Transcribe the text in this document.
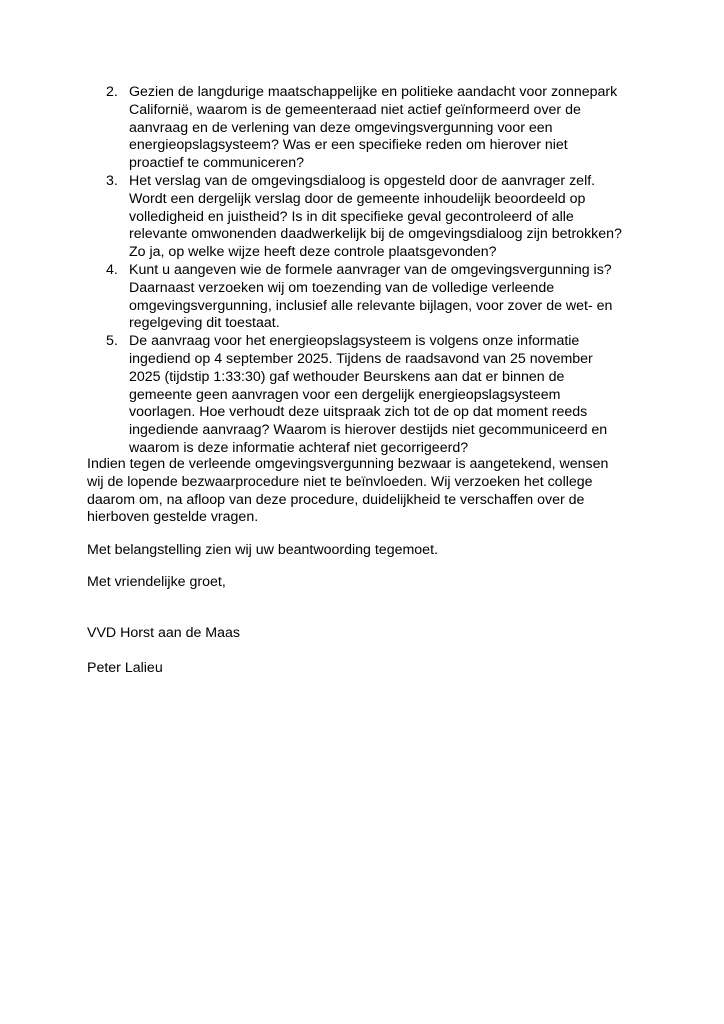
2. Gezien de langdurige maatschappelijke en politieke aandacht voor zonnepark
Californië, waarom is de gemeenteraad niet actief geïnformeerd over de
aanvraag en de verlening van deze omgevingsvergunning voor een
energieopslagsysteem? Was er een specifieke reden om hierover niet
proactief te communiceren?
3. Het verslag van de omgevingsdialoog is opgesteld door de aanvrager zelf.
Wordt een dergelijk verslag door de gemeente inhoudelijk beoordeeld op
volledigheid en juistheid? Is in dit specifieke geval gecontroleerd of alle
relevante omwonenden daadwerkelijk bij de omgevingsdialoog zijn betrokken?
Zo ja, op welke wijze heeft deze controle plaatsgevonden?
4. Kunt u aangeven wie de formele aanvrager van de omgevingsvergunning is?
Daarnaast verzoeken wij om toezending van de volledige verleende
omgevingsvergunning, inclusief alle relevante bijlagen, voor zover de wet- en
regelgeving dit toestaat.
5. De aanvraag voor het energieopslagsysteem is volgens onze informatie
ingediend op 4 september 2025. Tijdens de raadsavond van 25 november
2025 (tijdstip 1:33:30) gaf wethouder Beurskens aan dat er binnen de
gemeente geen aanvragen voor een dergelijk energieopslagsysteem
voorlagen. Hoe verhoudt deze uitspraak zich tot de op dat moment reeds
ingediende aanvraag? Waarom is hierover destijds niet gecommuniceerd en
waarom is deze informatie achteraf niet gecorrigeerd?

Indien tegen de verleende omgevingsvergunning bezwaar is aangetekend, wensen
wij de lopende bezwaarprocedure niet te beïnvloeden. Wij verzoeken het college
daarom om, na afloop van deze procedure, duidelijkheid te verschaffen over de
hierboven gestelde vragen.

Met belangstelling zien wij uw beantwoording tegemoet.

Met vriendelijke groet,

VVD Horst aan de Maas

Peter Lalieu
